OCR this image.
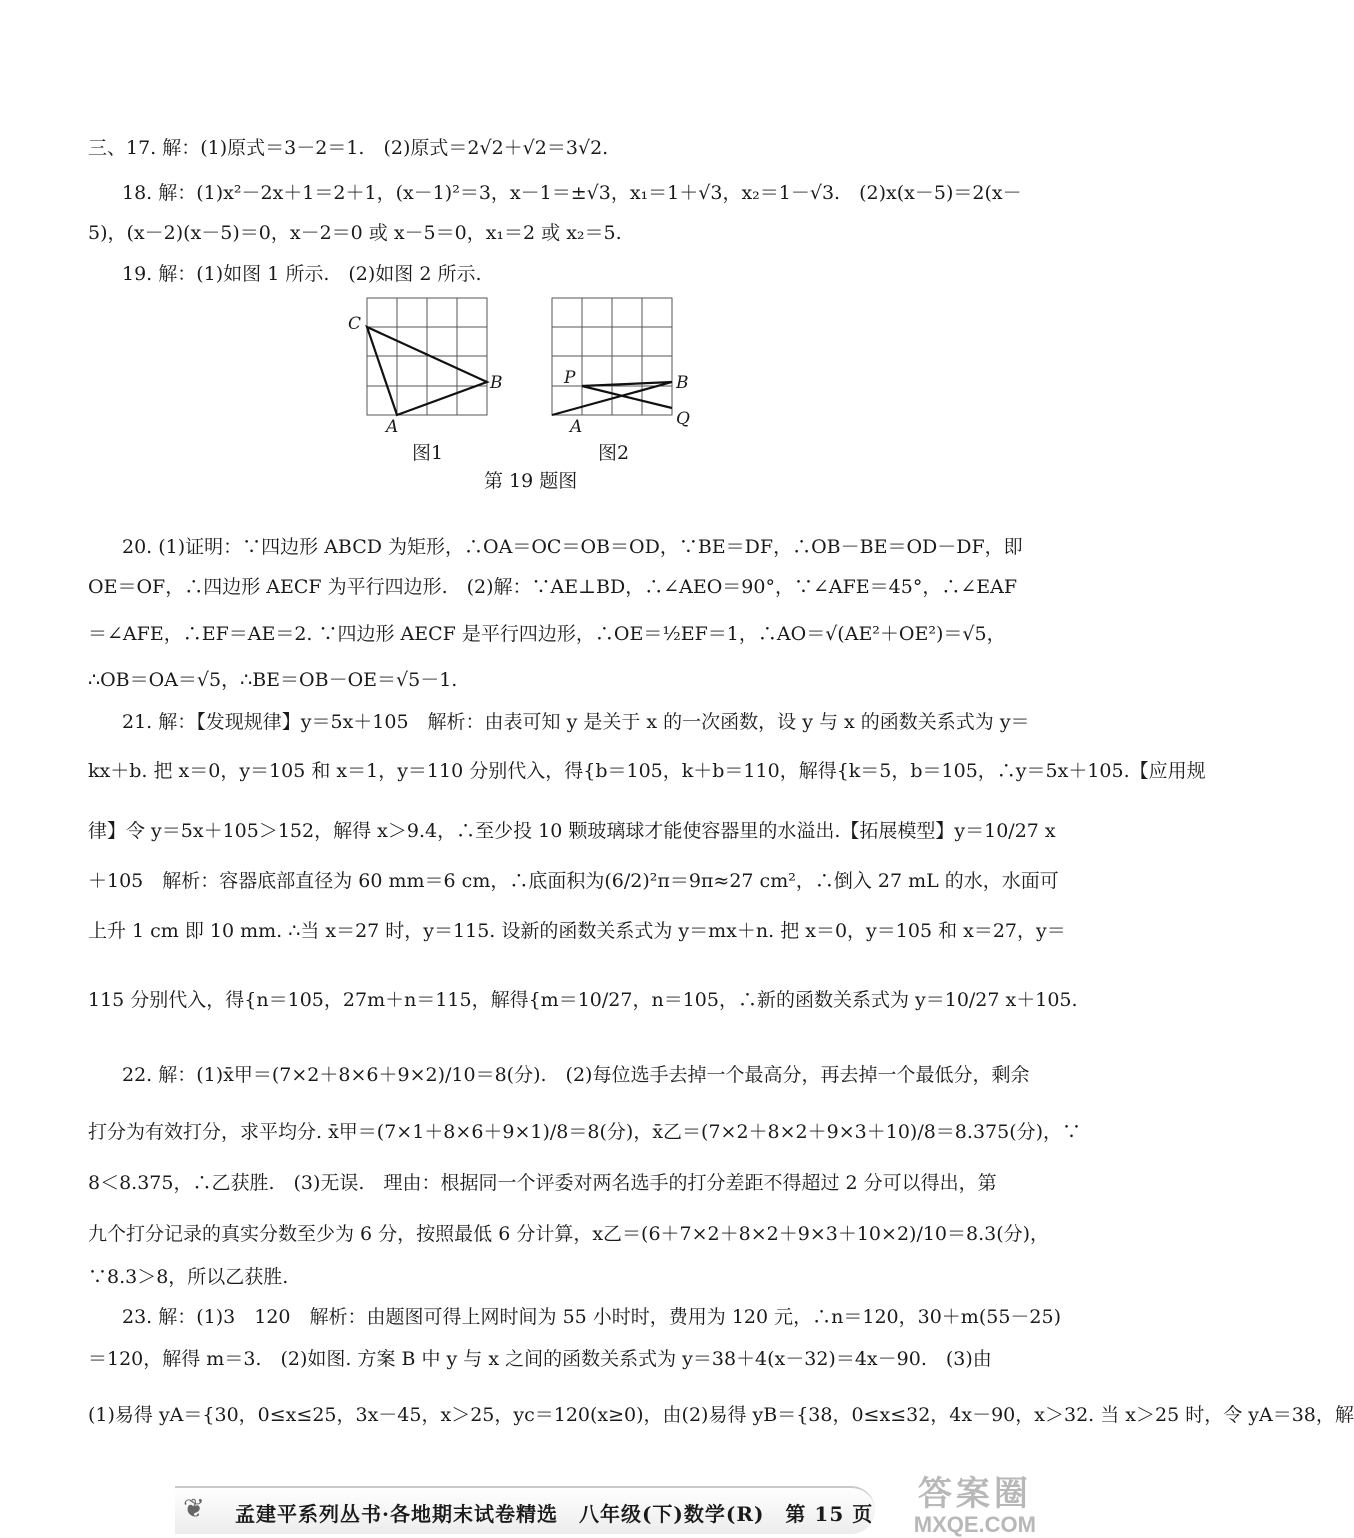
三、17. 解：(1)原式＝3－2＝1.　(2)原式＝2√2＋√2＝3√2.
18. 解：(1)x²－2x＋1＝2＋1，(x－1)²＝3，x－1＝±√3，x₁＝1＋√3，x₂＝1－√3.　(2)x(x－5)＝2(x－
5)，(x－2)(x－5)＝0，x－2＝0 或 x－5＝0，x₁＝2 或 x₂＝5.
19. 解：(1)如图 1 所示.　(2)如图 2 所示.
C
B
A
图1
P	B
A	Q
图2
第 19 题图
20. (1)证明：∵四边形 ABCD 为矩形，∴OA＝OC＝OB＝OD，∵BE＝DF，∴OB－BE＝OD－DF，即
OE＝OF，∴四边形 AECF 为平行四边形.　(2)解：∵AE⊥BD，∴∠AEO＝90°，∵∠AFE＝45°，∴∠EAF
＝∠AFE，∴EF＝AE＝2. ∵四边形 AECF 是平行四边形，∴OE＝½EF＝1，∴AO＝√(AE²＋OE²)＝√5，
∴OB＝OA＝√5，∴BE＝OB－OE＝√5－1.
21. 解：【发现规律】y＝5x＋105　解析：由表可知 y 是关于 x 的一次函数，设 y 与 x 的函数关系式为 y＝
kx＋b. 把 x＝0，y＝105 和 x＝1，y＝110 分别代入，得{b＝105，k＋b＝110，解得{k＝5，b＝105，∴y＝5x＋105.【应用规
律】令 y＝5x＋105＞152，解得 x＞9.4，∴至少投 10 颗玻璃球才能使容器里的水溢出.【拓展模型】y＝10/27 x
＋105　解析：容器底部直径为 60 mm＝6 cm，∴底面积为(6/2)²π＝9π≈27 cm²，∴倒入 27 mL 的水，水面可
上升 1 cm 即 10 mm. ∴当 x＝27 时，y＝115. 设新的函数关系式为 y＝mx＋n. 把 x＝0，y＝105 和 x＝27，y＝
115 分别代入，得{n＝105，27m＋n＝115，解得{m＝10/27，n＝105，∴新的函数关系式为 y＝10/27 x＋105.
22. 解：(1)x̄甲＝(7×2＋8×6＋9×2)/10＝8(分).　(2)每位选手去掉一个最高分，再去掉一个最低分，剩余
打分为有效打分，求平均分. x̄甲＝(7×1＋8×6＋9×1)/8＝8(分)，x̄乙＝(7×2＋8×2＋9×3＋10)/8＝8.375(分)，∵
8＜8.375，∴乙获胜.　(3)无误.　理由：根据同一个评委对两名选手的打分差距不得超过 2 分可以得出，第
九个打分记录的真实分数至少为 6 分，按照最低 6 分计算，x乙＝(6＋7×2＋8×2＋9×3＋10×2)/10＝8.3(分)，
∵8.3＞8，所以乙获胜.
23. 解：(1)3　120　解析：由题图可得上网时间为 55 小时时，费用为 120 元，∴n＝120，30＋m(55－25)
＝120，解得 m＝3.　(2)如图. 方案 B 中 y 与 x 之间的函数关系式为 y＝38＋4(x－32)＝4x－90.　(3)由
(1)易得 yA＝{30，0≤x≤25，3x－45，x＞25，yc＝120(x≥0)，由(2)易得 yB＝{38，0≤x≤32，4x－90，x＞32. 当 x＞25 时，令 yA＝38，解
❦ 孟建平系列丛书·各地期末试卷精选　八年级(下)数学(R)　第 15 页
答案圈
MXQE.COM
